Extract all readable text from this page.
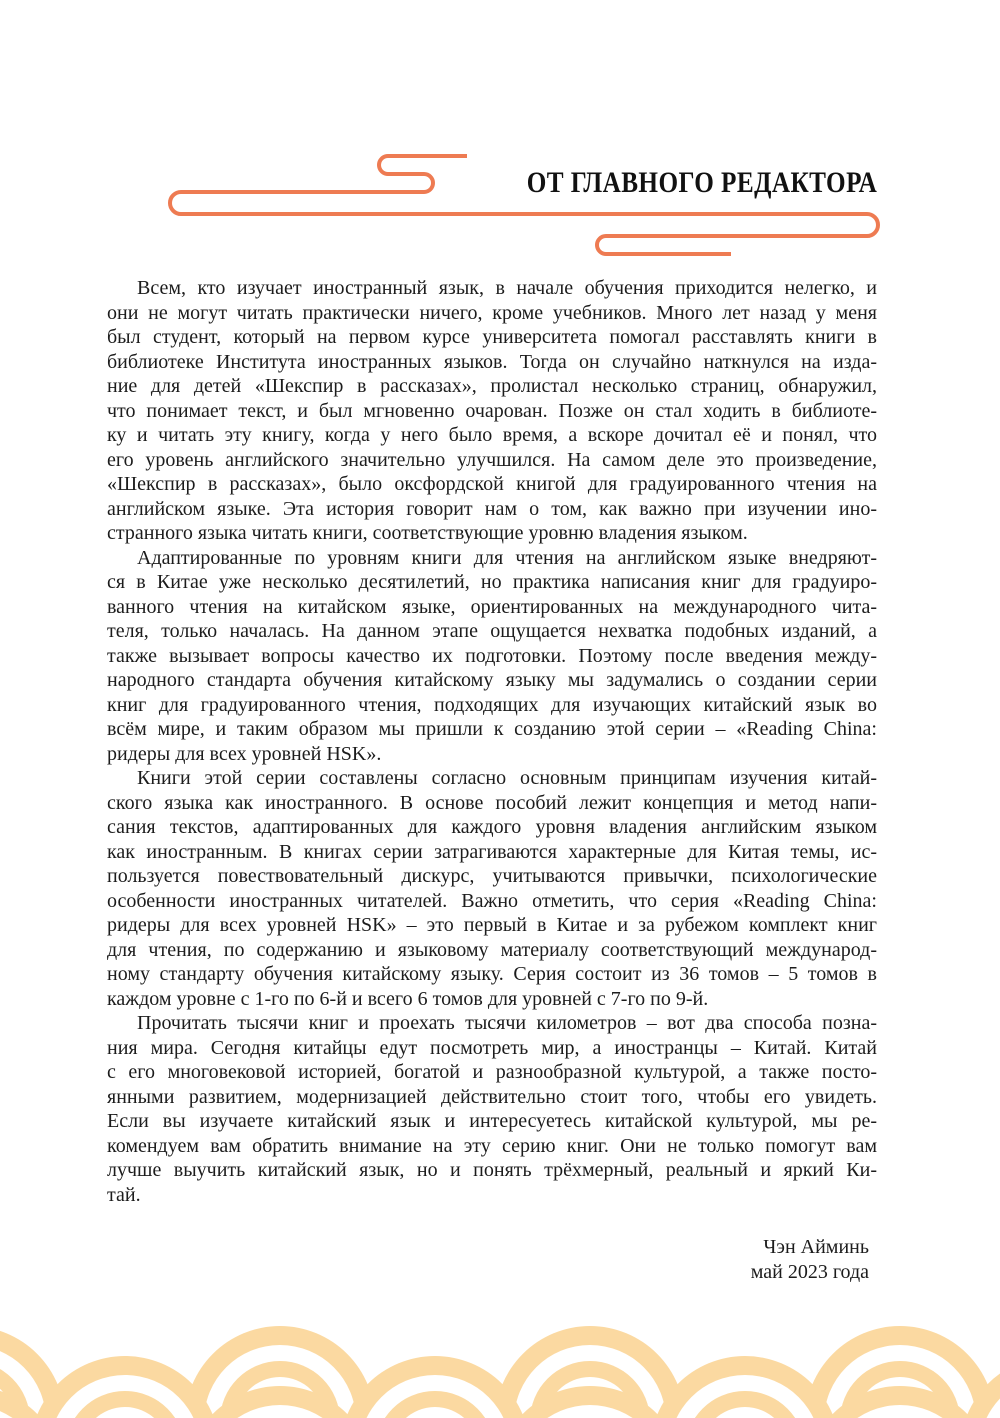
ОТ ГЛАВНОГО РЕДАКТОРА
Всем, кто изучает иностранный язык, в начале обучения приходится нелегко, и
они не могут читать практически ничего, кроме учебников. Много лет назад у меня
был студент, который на первом курсе университета помогал расставлять книги в
библиотеке Института иностранных языков. Тогда он случайно наткнулся на изда-
ние для детей «Шекспир в рассказах», пролистал несколько страниц, обнаружил,
что понимает текст, и был мгновенно очарован. Позже он стал ходить в библиоте-
ку и читать эту книгу, когда у него было время, а вскоре дочитал её и понял, что
его уровень английского значительно улучшился. На самом деле это произведение,
«Шекспир в рассказах», было оксфордской книгой для градуированного чтения на
английском языке. Эта история говорит нам о том, как важно при изучении ино-
странного языка читать книги, соответствующие уровню владения языком.
Адаптированные по уровням книги для чтения на английском языке внедряют-
ся в Китае уже несколько десятилетий, но практика написания книг для градуиро-
ванного чтения на китайском языке, ориентированных на международного чита-
теля, только началась. На данном этапе ощущается нехватка подобных изданий, а
также вызывает вопросы качество их подготовки. Поэтому после введения между-
народного стандарта обучения китайскому языку мы задумались о создании серии
книг для градуированного чтения, подходящих для изучающих китайский язык во
всём мире, и таким образом мы пришли к созданию этой серии – «Reading China:
ридеры для всех уровней HSK».
Книги этой серии составлены согласно основным принципам изучения китай-
ского языка как иностранного. В основе пособий лежит концепция и метод напи-
сания текстов, адаптированных для каждого уровня владения английским языком
как иностранным. В книгах серии затрагиваются характерные для Китая темы, ис-
пользуется повествовательный дискурс, учитываются привычки, психологические
особенности иностранных читателей. Важно отметить, что серия «Reading China:
ридеры для всех уровней HSK» – это первый в Китае и за рубежом комплект книг
для чтения, по содержанию и языковому материалу соответствующий международ-
ному стандарту обучения китайскому языку. Серия состоит из 36 томов – 5 томов в
каждом уровне с 1-го по 6-й и всего 6 томов для уровней с 7-го по 9-й.
Прочитать тысячи книг и проехать тысячи километров – вот два способа позна-
ния мира. Сегодня китайцы едут посмотреть мир, а иностранцы – Китай. Китай
с его многовековой историей, богатой и разнообразной культурой, а также посто-
янными развитием, модернизацией действительно стоит того, чтобы его увидеть.
Если вы изучаете китайский язык и интересуетесь китайской культурой, мы ре-
комендуем вам обратить внимание на эту серию книг. Они не только помогут вам
лучше выучить китайский язык, но и понять трёхмерный, реальный и яркий Ки-
тай.
Чэн Айминь
май 2023 года
